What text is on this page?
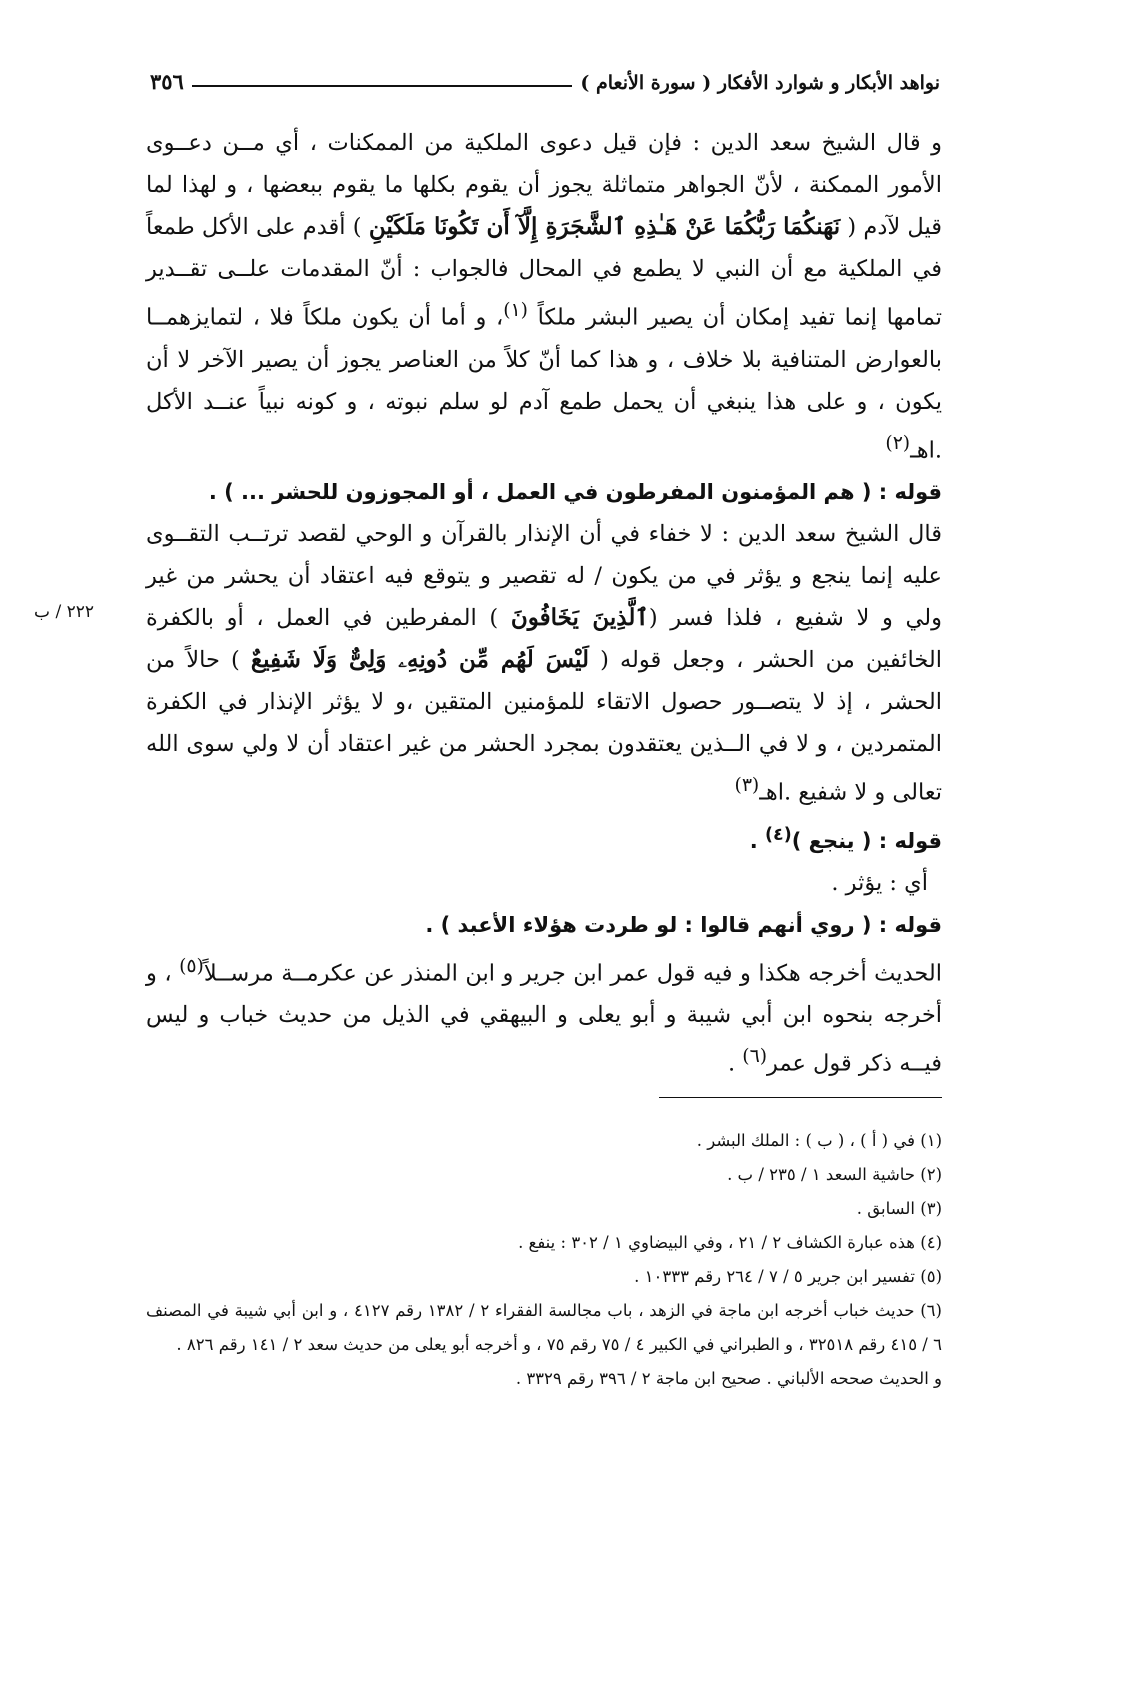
نواهد الأبكار و شوارد الأفكار ( سورة الأنعام )
٣٥٦
٢٢٢ / ب

و قال الشيخ سعد الدين : فإن قيل دعوى الملكية من الممكنات ، أي مــن دعــوى الأمور الممكنة ، لأنّ الجواهر متماثلة يجوز أن يقوم بكلها ما يقوم ببعضها ، و لهذا لما قيل لآدم ( نَهَنكُمَا رَبُّكُمَا عَنْ هَـٰذِهِ ٱلشَّجَرَةِ إِلَّآ أَن تَكُونَا مَلَكَيْنِ ) أقدم على الأكل طمعاً في الملكية مع أن النبي لا يطمع في المحال فالجواب : أنّ المقدمات علــى تقــدير تمامها إنما تفيد إمكان أن يصير البشر ملكاً $^{(١)}$، و أما أن يكون ملكاً فلا ، لتمايزهمــا بالعوارض المتنافية بلا خلاف ، و هذا كما أنّ كلاً من العناصر يجوز أن يصير الآخر لا أن يكون ، و على هذا ينبغي أن يحمل طمع آدم لو سلم نبوته ، و كونه نبياً عنــد الأكل .اهـ$^{(٢)}$

قوله : ( هم المؤمنون المفرطون في العمل ، أو المجوزون للحشر ... ) .

قال الشيخ سعد الدين : لا خفاء في أن الإنذار بالقرآن و الوحي لقصد ترتــب التقــوى عليه إنما ينجع و يؤثر في من يكون / له تقصير و يتوقع فيه اعتقاد أن يحشر من غير ولي و لا شفيع ، فلذا فسر (ٱلَّذِينَ يَخَافُونَ ) المفرطين في العمل ، أو بالكفرة الخائفين من الحشر ، وجعل قوله ( لَيْسَ لَهُم مِّن دُونِهِۦ وَلِىٌّ وَلَا شَفِيعٌ ) حالاً من الحشر ، إذ لا يتصــور حصول الاتقاء للمؤمنين المتقين ،و لا يؤثر الإنذار في الكفرة المتمردين ، و لا في الــذين يعتقدون بمجرد الحشر من غير اعتقاد أن لا ولي سوى الله تعالى و لا شفيع .اهـ$^{(٣)}$

قوله : ( ينجع )$^{(٤)}$ .

أي : يؤثر .

قوله : ( روي أنهم قالوا : لو طردت هؤلاء الأعبد ) .

الحديث أخرجه هكذا و فيه قول عمر ابن جرير و ابن المنذر عن عكرمــة مرســلاً$^{(٥)}$ ، و أخرجه بنحوه ابن أبي شيبة و أبو يعلى و البيهقي في الذيل من حديث خباب و ليس فيــه ذكر قول عمر$^{(٦)}$ .

(١) في ( أ ) ، ( ب ) : الملك البشر .

(٢) حاشية السعد ١ / ٢٣٥ / ب .

(٣) السابق .

(٤) هذه عبارة الكشاف ٢ / ٢١ ، وفي البيضاوي ١ / ٣٠٢ : ينفع .

(٥) تفسير ابن جرير ٥ / ٧ / ٢٦٤ رقم ١٠٣٣٣ .

(٦) حديث خباب أخرجه ابن ماجة في الزهد ، باب مجالسة الفقراء ٢ / ١٣٨٢ رقم ٤١٢٧ ، و ابن أبي شيبة في المصنف ٦ / ٤١٥ رقم ٣٢٥١٨ ، و الطبراني في الكبير ٤ / ٧٥ رقم ٧٥ ، و أخرجه أبو يعلى من حديث سعد ٢ / ١٤١ رقم ٨٢٦ .

و الحديث صححه الألباني . صحيح ابن ماجة ٢ / ٣٩٦ رقم ٣٣٢٩ .
